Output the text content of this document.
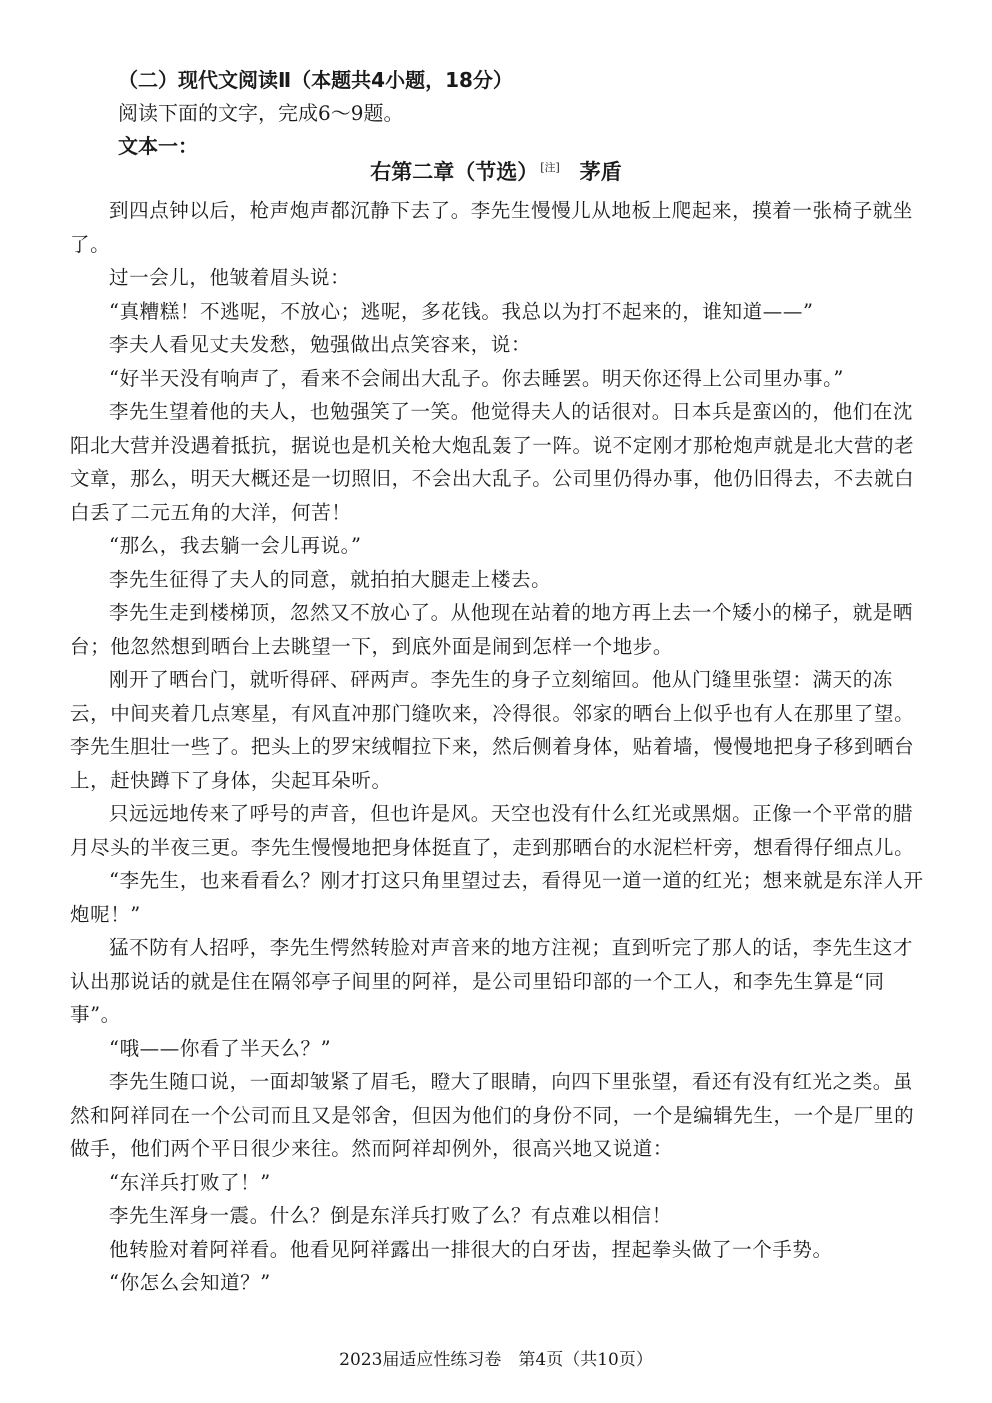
（二）现代文阅读Ⅱ（本题共4小题，18分）
阅读下面的文字，完成6～9题。
文本一：
右第二章（节选） [注] 茅盾

到四点钟以后，枪声炮声都沉静下去了。李先生慢慢儿从地板上爬起来，摸着一张椅子就坐了。

过一会儿，他皱着眉头说：

“真糟糕！不逃呢，不放心；逃呢，多花钱。我总以为打不起来的，谁知道——”

李夫人看见丈夫发愁，勉强做出点笑容来，说：

“好半天没有响声了，看来不会闹出大乱子。你去睡罢。明天你还得上公司里办事。”

李先生望着他的夫人，也勉强笑了一笑。他觉得夫人的话很对。日本兵是蛮凶的，他们在沈阳北大营并没遇着抵抗，据说也是机关枪大炮乱轰了一阵。说不定刚才那枪炮声就是北大营的老文章，那么，明天大概还是一切照旧，不会出大乱子。公司里仍得办事，他仍旧得去，不去就白白丢了二元五角的大洋，何苦！

“那么，我去躺一会儿再说。”

李先生征得了夫人的同意，就拍拍大腿走上楼去。

李先生走到楼梯顶，忽然又不放心了。从他现在站着的地方再上去一个矮小的梯子，就是晒台；他忽然想到晒台上去眺望一下，到底外面是闹到怎样一个地步。

刚开了晒台门，就听得砰、砰两声。李先生的身子立刻缩回。他从门缝里张望：满天的冻云，中间夹着几点寒星，有风直冲那门缝吹来，冷得很。邻家的晒台上似乎也有人在那里了望。李先生胆壮一些了。把头上的罗宋绒帽拉下来，然后侧着身体，贴着墙，慢慢地把身子移到晒台上，赶快蹲下了身体，尖起耳朵听。

只远远地传来了呼号的声音，但也许是风。天空也没有什么红光或黑烟。正像一个平常的腊月尽头的半夜三更。李先生慢慢地把身体挺直了，走到那晒台的水泥栏杆旁，想看得仔细点儿。

“李先生，也来看看么？刚才打这只角里望过去，看得见一道一道的红光；想来就是东洋人开炮呢！”

猛不防有人招呼，李先生愕然转脸对声音来的地方注视；直到听完了那人的话，李先生这才认出那说话的就是住在隔邻亭子间里的阿祥，是公司里铅印部的一个工人，和李先生算是“同事”。

“哦——你看了半天么？”

李先生随口说，一面却皱紧了眉毛，瞪大了眼睛，向四下里张望，看还有没有红光之类。虽然和阿祥同在一个公司而且又是邻舍，但因为他们的身份不同，一个是编辑先生，一个是厂里的做手，他们两个平日很少来往。然而阿祥却例外，很高兴地又说道：

“东洋兵打败了！”

李先生浑身一震。什么？倒是东洋兵打败了么？有点难以相信！

他转脸对着阿祥看。他看见阿祥露出一排很大的白牙齿，捏起拳头做了一个手势。

“你怎么会知道？”

2023届适应性练习卷　第4页（共10页）
